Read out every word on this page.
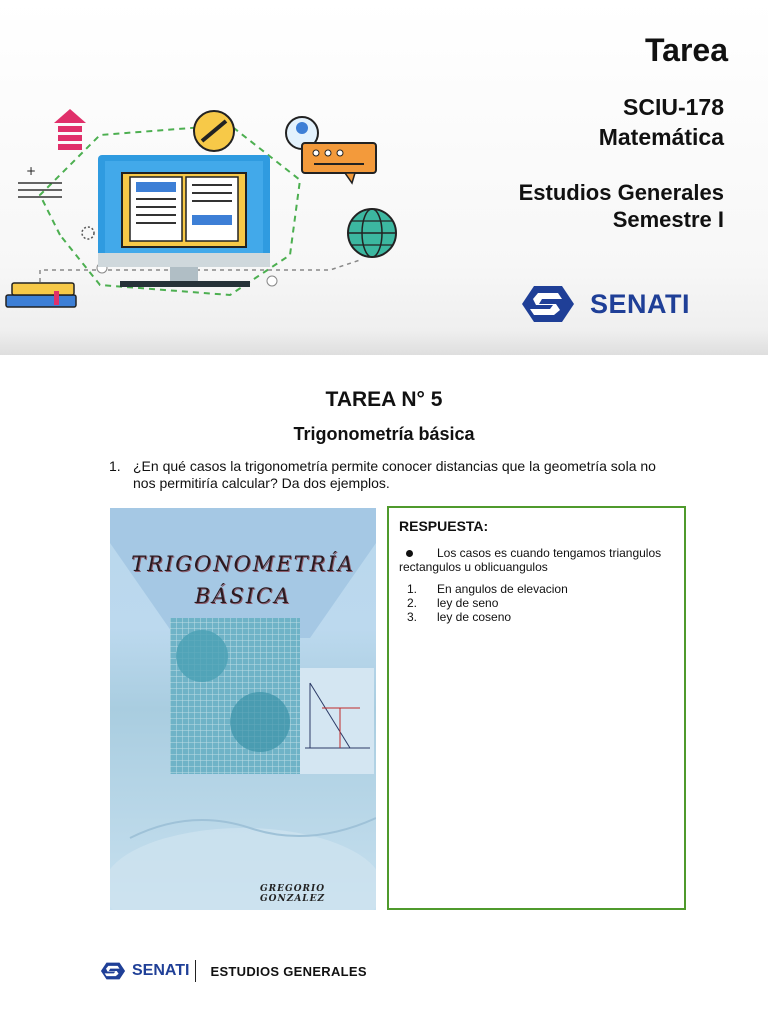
+
Tarea
SCIU-178
Matemática
Estudios Generales
Semestre I
SENATI
TAREA N° 5
Trigonometría básica
1. ¿En qué casos la trigonometría permite conocer distancias que la geometría sola no nos permitiría calcular? Da dos ejemplos.
TRIGONOMETRÍA
BÁSICA
GREGORIO GONZALEZ
RESPUESTA:
Los casos es cuando tengamos triangulos rectangulos u oblicuangulos
1.	En angulos de elevacion
2.	ley de seno
3.	ley de coseno
SENATI ESTUDIOS GENERALES
